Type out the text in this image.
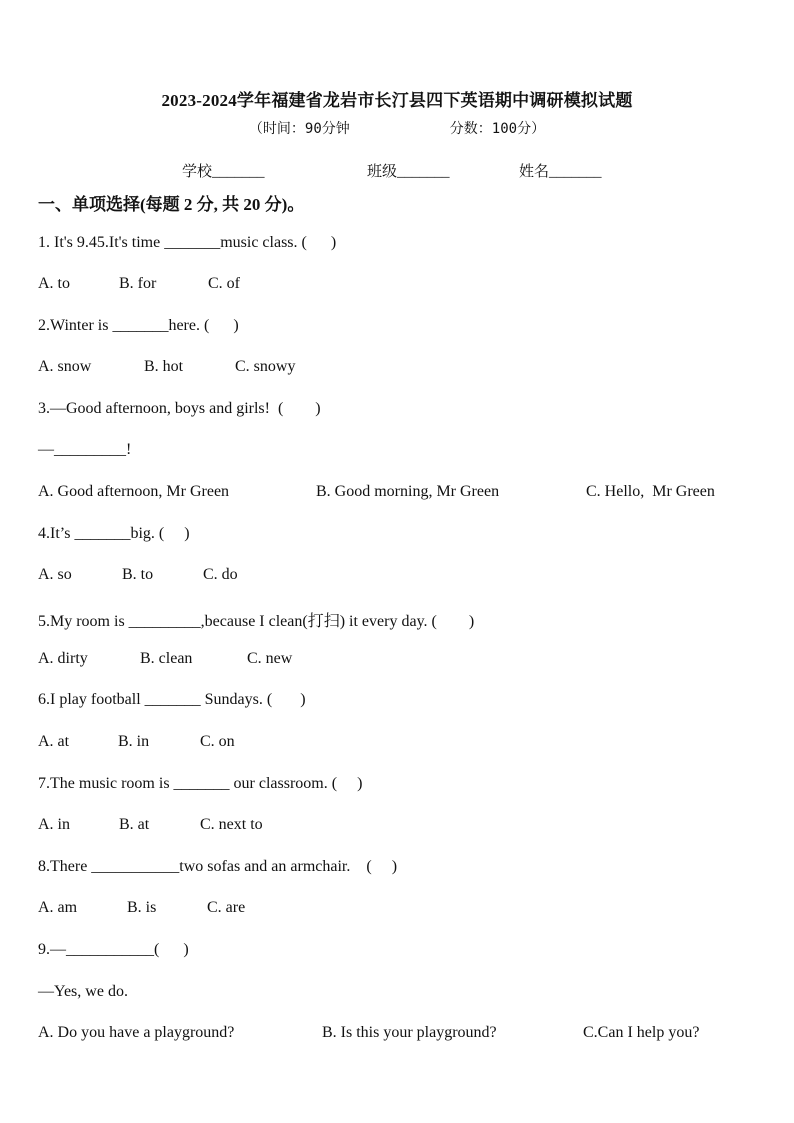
2023-2024学年福建省龙岩市长汀县四下英语期中调研模拟试题
（时间：90分钟	分数：100分）
学校_______	班级_______	姓名_______
一、单项选择(每题 2 分, 共 20 分)。
1. It's 9.45.It's time _______music class. (      )
A. to	B. for	C. of
2.Winter is _______here. (      )
A. snow	B. hot	C. snowy
3.—Good afternoon, boys and girls!  (        )
—_________!
A. Good afternoon, Mr Green	B. Good morning, Mr Green	C. Hello,  Mr Green
4.It’s _______big. (     )
A. so	B. to	C. do
5.My room is _________,because I clean(打扫) it every day. (        )
A. dirty	B. clean	C. new
6.I play football _______ Sundays. (       )
A. at	B. in	C. on
7.The music room is _______ our classroom. (     )
A. in	B. at	C. next to
8.There ___________two sofas and an armchair.    (     )
A. am	B. is	C. are
9.—___________(      )
—Yes, we do.
A. Do you have a playground?	B. Is this your playground?	C.Can I help you?
